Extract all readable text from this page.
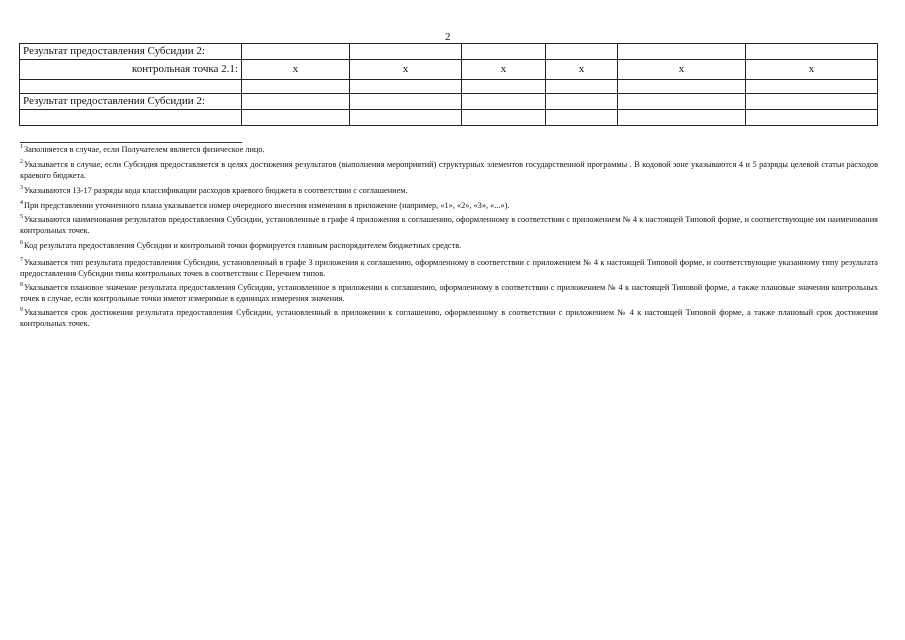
2
Результат предоставления Субсидии 2:						
контрольная точка 2.1:	x	x	x	x	x	x

Результат предоставления Субсидии 2:						

$^1$Заполняется в случае, если Получателем является физическое лицо.
$^2$Указывается в случае, если Субсидия предоставляется в целях достижения результатов (выполнения мероприятий) структурных элементов государственной программы . В кодовой зоне указываются 4 и 5 разряды целевой статьи расходов краевого бюджета.
$^3$Указываются 13-17 разряды кода классификации расходов краевого бюджета в соответствии с соглашением.
$^4$При представлении уточненного плана указывается номер очередного внесения изменения в приложение (например, «1», «2», «3», «...»).
$^5$Указываются наименования результатов предоставления Субсидии, установленные в графе 4 приложения к соглашению, оформленному в соответствии с приложением № 4 к настоящей Типовой форме, и соответствующие им наименования контрольных точек.
$^6$Код результата предоставления Субсидии и контрольной точки формируется главным распорядителем бюджетных средств.
$^7$Указывается тип результата предоставления Субсидии, установленный в графе 3 приложения к соглашению, оформленному в соответствии с приложением № 4 к настоящей Типовой форме, и соответствующие указанному типу результата предоставления Субсидии типы контрольных точек в соответствии с Перечнем типов.
$^8$Указывается плановое значение результата предоставления Субсидии, установленное в приложении к соглашению, оформленному в соответствии с приложением № 4 к настоящей Типовой форме, а также плановые значения контрольных точек в случае, если контрольные точки имеют измеримые в единицах измерения значения.
$^9$Указывается срок достижения результата предоставления Субсидии, установленный в приложении к соглашению, оформленному в соответствии с приложением № 4 к настоящей Типовой форме, а также плановый срок достижения контрольных точек.
